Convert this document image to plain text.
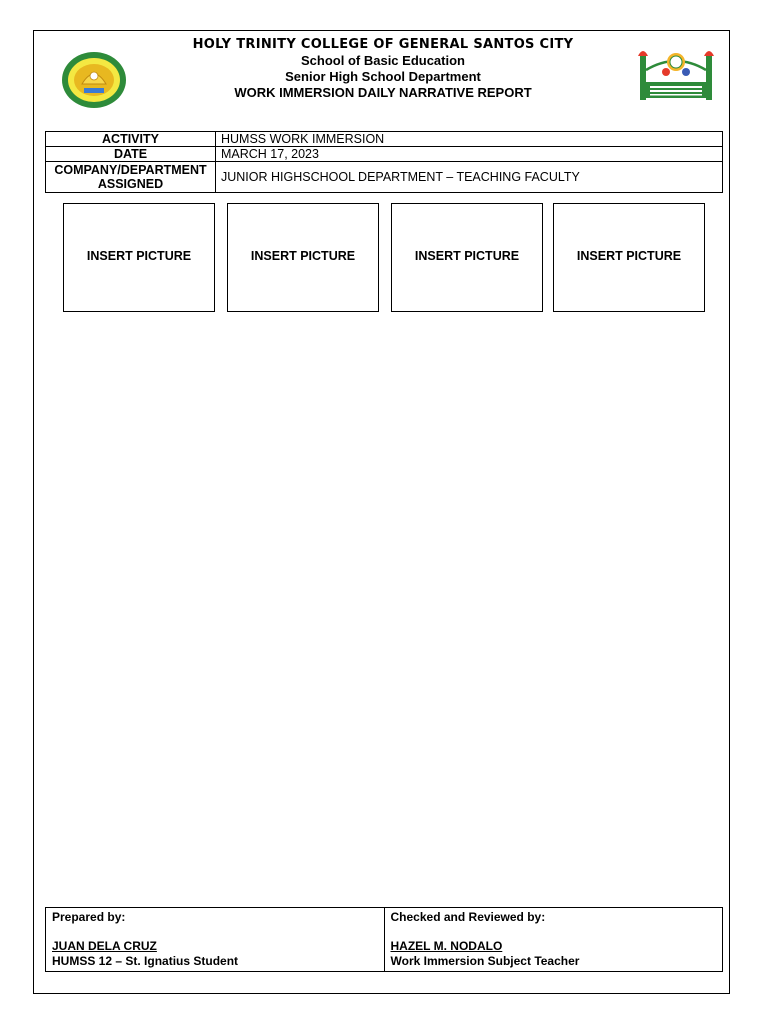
HOLY TRINITY COLLEGE OF GENERAL SANTOS CITY
School of Basic Education
Senior High School Department
WORK IMMERSION DAILY NARRATIVE REPORT
ACTIVITY	HUMSS WORK IMMERSION
DATE	MARCH 17, 2023

COMPANY/DEPARTMENT
ASSIGNED	JUNIOR HIGHSCHOOL DEPARTMENT – TEACHING FACULTY
INSERT PICTURE	INSERT PICTURE	INSERT PICTURE	INSERT PICTURE
Prepared by:
JUAN DELA CRUZ
HUMSS 12 – St. Ignatius Student

Checked and Reviewed by:
HAZEL M. NODALO
Work Immersion Subject Teacher
